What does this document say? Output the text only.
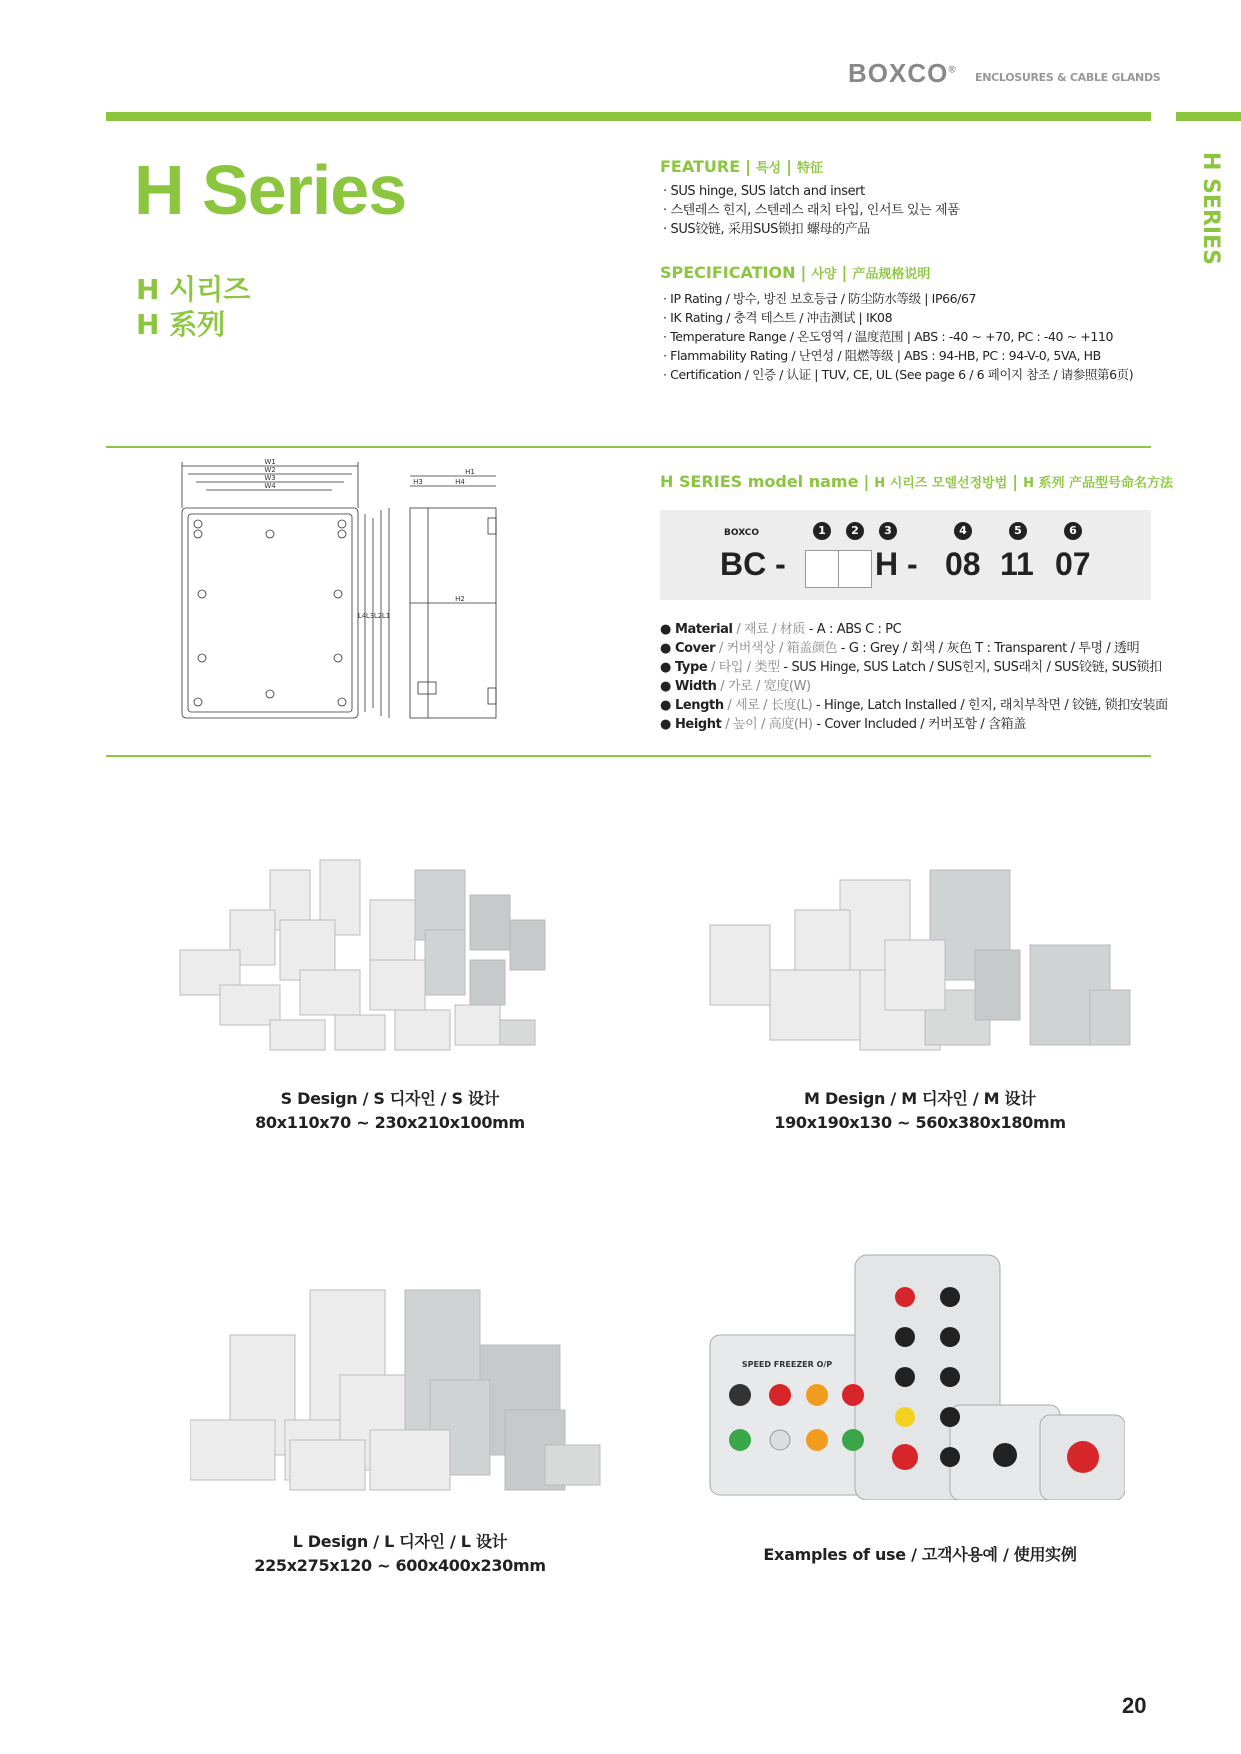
BOXCO®
ENCLOSURES & CABLE GLANDS
H SERIES
H Series
H 시리즈
H 系列
FEATURE | 특성 | 特征
· SUS hinge, SUS latch and insert
· 스텐레스 힌지, 스텐레스 래치 타입, 인서트 있는 제품
· SUS铰链, 采用SUS锁扣 螺母的产品
SPECIFICATION | 사양 | 产品规格说明
· IP Rating / 방수, 방진 보호등급 / 防尘防水等级 | IP66/67
· IK Rating / 충격 테스트 / 冲击测试 | IK08
· Temperature Range / 온도영역 / 温度范围 | ABS : -40 ~ +70, PC : -40 ~ +110
· Flammability Rating / 난연성 / 阻燃等级 | ABS : 94-HB, PC : 94-V-0, 5VA, HB
· Certification / 인증 / 认证 | TUV, CE, UL (See page 6 / 6 페이지 참조 / 请参照第6页)
W1
W2
W3
W4
H1
H3	H4
H2
L4 L3 L2 L1
H SERIES model name | H 시리즈 모델선정방법 | H 系列 产品型号命名方法
BOXCO	1	2	3	4	5	6
BC -	H - 08 11 07
● Material / 재료 / 材质 - A : ABS C : PC
● Cover / 커버색상 / 箱盖颜色 - G : Grey / 회색 / 灰色 T : Transparent / 투명 / 透明
● Type / 타입 / 类型 - SUS Hinge, SUS Latch / SUS힌지, SUS래치 / SUS铰链, SUS锁扣
● Width / 가로 / 宽度(W)
● Length / 세로 / 长度(L) - Hinge, Latch Installed / 힌지, 래치부착면 / 铰链, 锁扣安装面
● Height / 높이 / 高度(H) - Cover Included / 커버포함 / 含箱盖
SPEED FREEZER O/P
S Design / S 디자인 / S 设计
80x110x70 ~ 230x210x100mm
M Design / M 디자인 / M 设计
190x190x130 ~ 560x380x180mm
L Design / L 디자인 / L 设计
225x275x120 ~ 600x400x230mm
Examples of use / 고객사용예 / 使用实例
20
